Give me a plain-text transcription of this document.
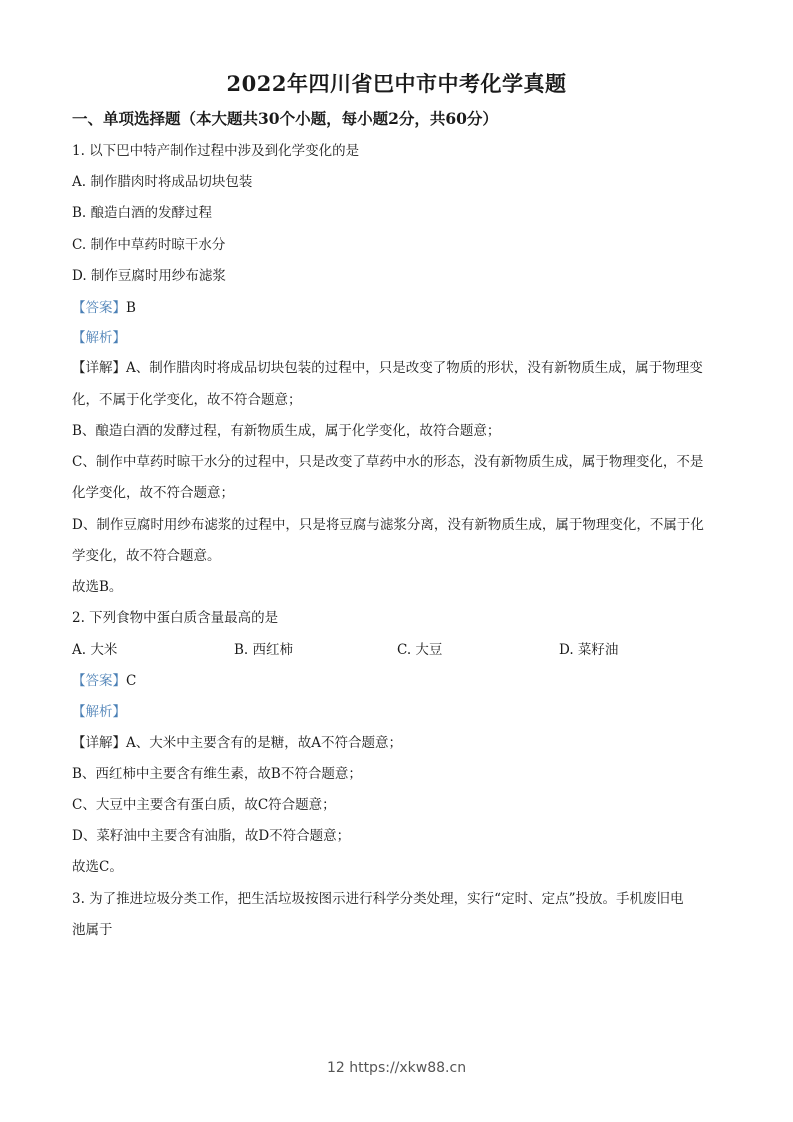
2022年四川省巴中市中考化学真题
一、单项选择题（本大题共30个小题，每小题2分，共60分）
1. 以下巴中特产制作过程中涉及到化学变化的是
A. 制作腊肉时将成品切块包装
B. 酿造白酒的发酵过程
C. 制作中草药时晾干水分
D. 制作豆腐时用纱布滤浆
【答案】B
【解析】
【详解】A、制作腊肉时将成品切块包装的过程中，只是改变了物质的形状，没有新物质生成，属于物理变
化，不属于化学变化，故不符合题意；
B、酿造白酒的发酵过程，有新物质生成，属于化学变化，故符合题意；
C、制作中草药时晾干水分的过程中，只是改变了草药中水的形态，没有新物质生成，属于物理变化，不是
化学变化，故不符合题意；
D、制作豆腐时用纱布滤浆的过程中，只是将豆腐与滤浆分离，没有新物质生成，属于物理变化，不属于化
学变化，故不符合题意。
故选B。
2. 下列食物中蛋白质含量最高的是
A. 大米	B. 西红柿	C. 大豆	D. 菜籽油
【答案】C
【解析】
【详解】A、大米中主要含有的是糖，故A不符合题意；
B、西红柿中主要含有维生素，故B不符合题意；
C、大豆中主要含有蛋白质，故C符合题意；
D、菜籽油中主要含有油脂，故D不符合题意；
故选C。
3. 为了推进垃圾分类工作，把生活垃圾按图示进行科学分类处理，实行“定时、定点”投放。手机废旧电
池属于
12 https://xkw88.cn
